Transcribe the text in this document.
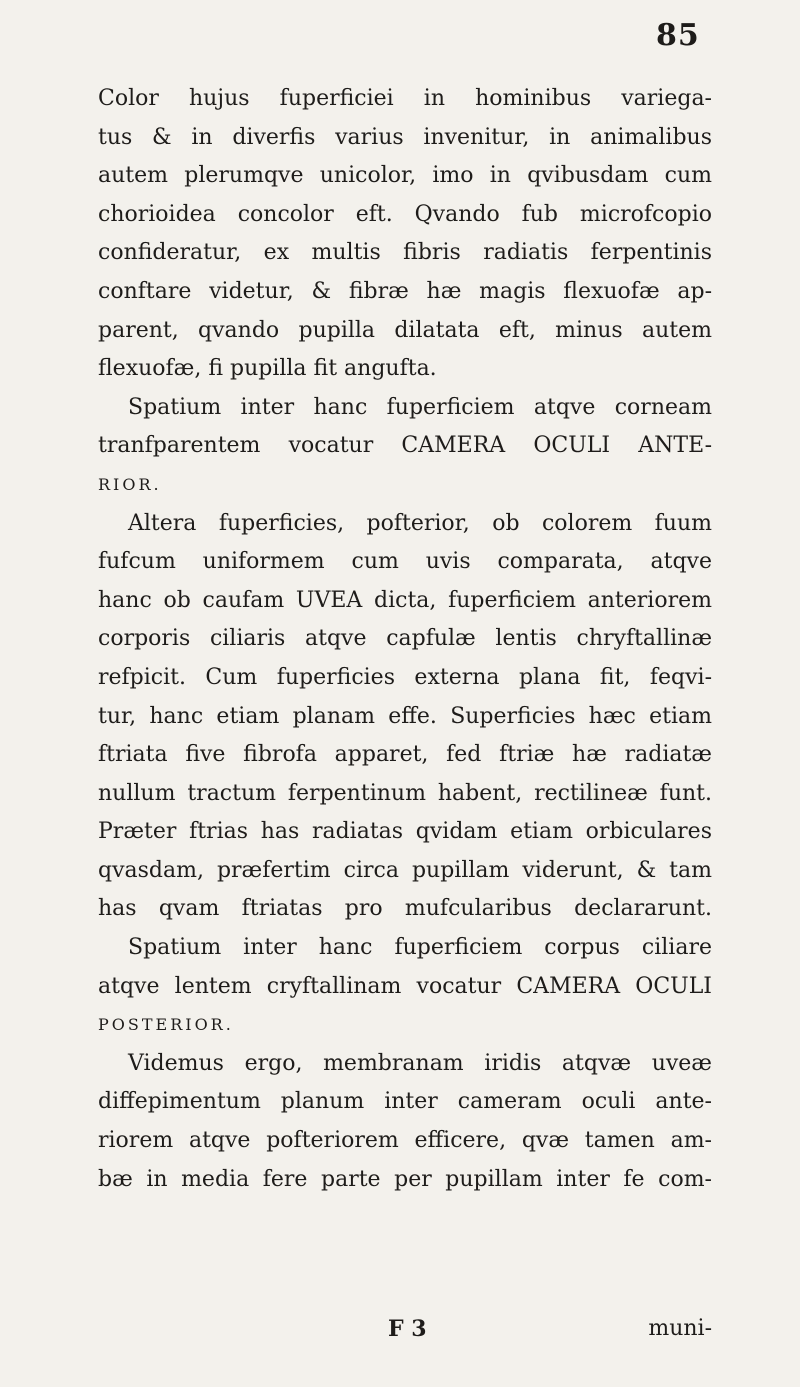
85
Color hujus fuperficiei in hominibus variega-
tus & in diverfis varius invenitur, in animalibus
autem plerumqve unicolor, imo in qvibusdam cum
chorioidea concolor eft. Qvando fub microfcopio
confideratur, ex multis fibris radiatis ferpentinis
conftare videtur, & fibræ hæ magis flexuofæ ap-
parent, qvando pupilla dilatata eft, minus autem
flexuofæ, fi pupilla fit angufta.
Spatium inter hanc fuperficiem atqve corneam
tranfparentem vocatur CAMERA OCULI ANTE-
RIOR.
Altera fuperficies, pofterior, ob colorem fuum
fufcum uniformem cum uvis comparata, atqve
hanc ob caufam UVEA dicta, fuperficiem anteriorem
corporis ciliaris atqve capfulæ lentis chryftallinæ
refpicit. Cum fuperficies externa plana fit, feqvi-
tur, hanc etiam planam effe. Superficies hæc etiam
ftriata five fibrofa apparet, fed ftriæ hæ radiatæ
nullum tractum ferpentinum habent, rectilineæ funt.
Præter ftrias has radiatas qvidam etiam orbiculares
qvasdam, præfertim circa pupillam viderunt, & tam
has qvam ftriatas pro mufcularibus declararunt.
Spatium inter hanc fuperficiem corpus ciliare
atqve lentem cryftallinam vocatur CAMERA OCULI
POSTERIOR.
Videmus ergo, membranam iridis atqvæ uveæ
diffepimentum planum inter cameram oculi ante-
riorem atqve pofteriorem efficere, qvæ tamen am-
bæ in media fere parte per pupillam inter fe com-
F 3	muni-
